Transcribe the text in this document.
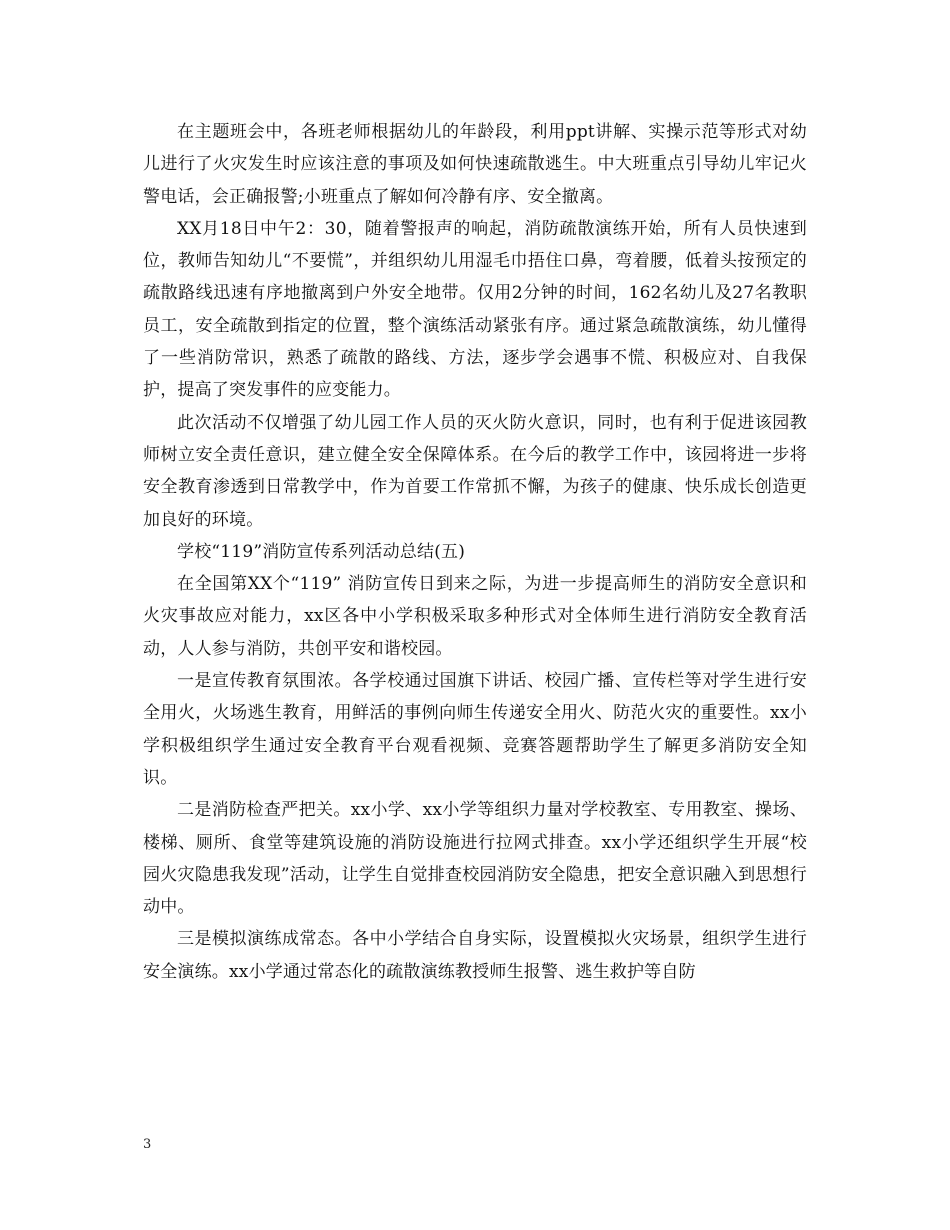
在主题班会中，各班老师根据幼儿的年龄段，利用ppt讲解、实操示范等形式对幼儿进行了火灾发生时应该注意的事项及如何快速疏散逃生。中大班重点引导幼儿牢记火警电话，会正确报警;小班重点了解如何冷静有序、安全撤离。

XX月18日中午2：30，随着警报声的响起，消防疏散演练开始，所有人员快速到位，教师告知幼儿“不要慌”，并组织幼儿用湿毛巾捂住口鼻，弯着腰，低着头按预定的疏散路线迅速有序地撤离到户外安全地带。仅用2分钟的时间，162名幼儿及27名教职员工，安全疏散到指定的位置，整个演练活动紧张有序。通过紧急疏散演练，幼儿懂得了一些消防常识，熟悉了疏散的路线、方法，逐步学会遇事不慌、积极应对、自我保护，提高了突发事件的应变能力。

此次活动不仅增强了幼儿园工作人员的灭火防火意识，同时，也有利于促进该园教师树立安全责任意识，建立健全安全保障体系。在今后的教学工作中，该园将进一步将安全教育渗透到日常教学中，作为首要工作常抓不懈，为孩子的健康、快乐成长创造更加良好的环境。

学校“119”消防宣传系列活动总结(五)

在全国第XX个“119” 消防宣传日到来之际，为进一步提高师生的消防安全意识和火灾事故应对能力，xx区各中小学积极采取多种形式对全体师生进行消防安全教育活动，人人参与消防，共创平安和谐校园。

一是宣传教育氛围浓。各学校通过国旗下讲话、校园广播、宣传栏等对学生进行安全用火，火场逃生教育，用鲜活的事例向师生传递安全用火、防范火灾的重要性。xx小学积极组织学生通过安全教育平台观看视频、竞赛答题帮助学生了解更多消防安全知识。

二是消防检查严把关。xx小学、xx小学等组织力量对学校教室、专用教室、操场、楼梯、厕所、食堂等建筑设施的消防设施进行拉网式排查。xx小学还组织学生开展“校园火灾隐患我发现”活动，让学生自觉排查校园消防安全隐患，把安全意识融入到思想行动中。

三是模拟演练成常态。各中小学结合自身实际，设置模拟火灾场景，组织学生进行安全演练。xx小学通过常态化的疏散演练教授师生报警、逃生救护等自防

3
